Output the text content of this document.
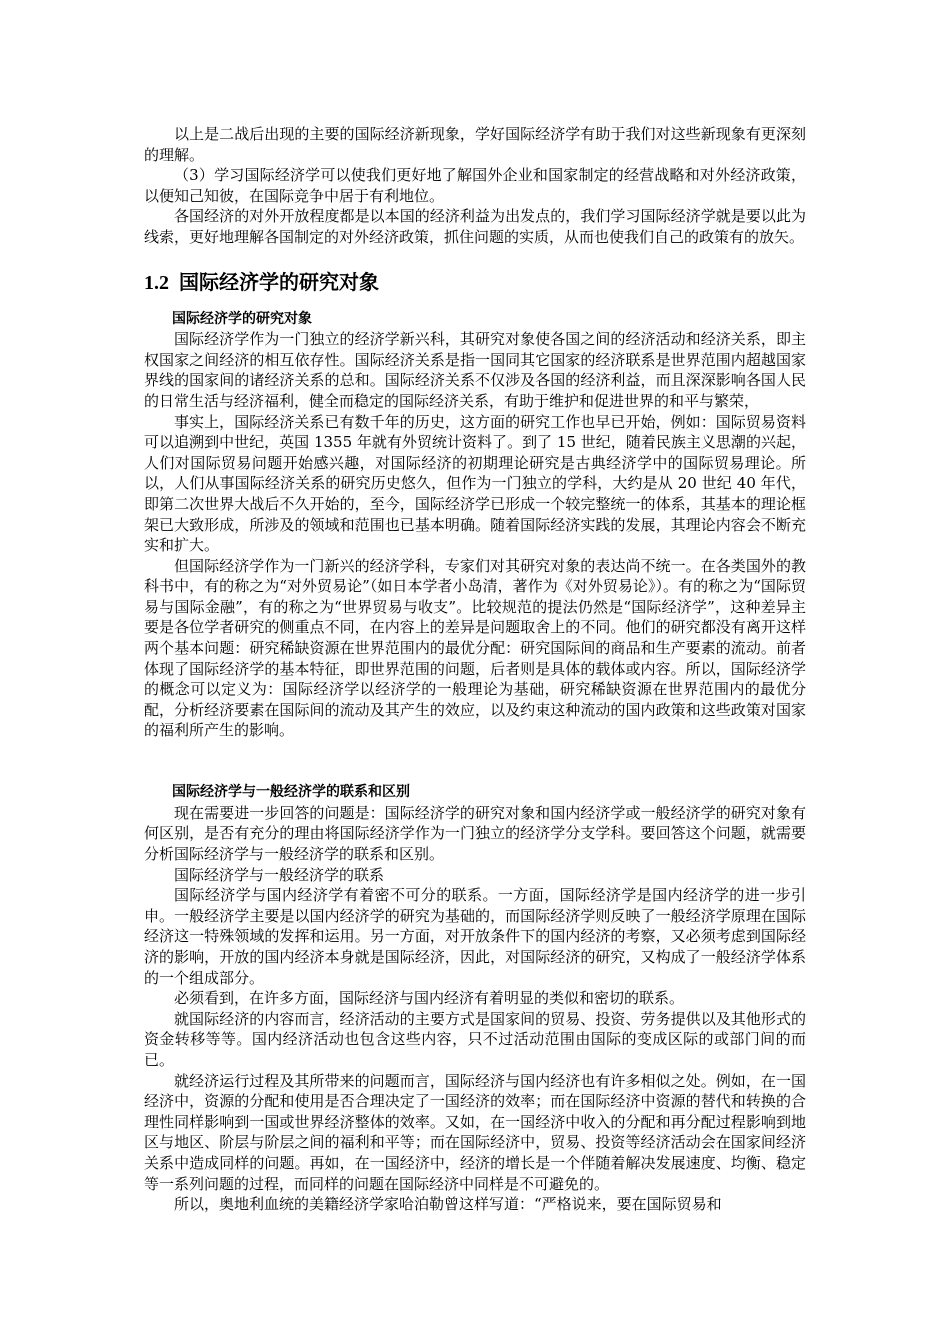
以上是二战后出现的主要的国际经济新现象，学好国际经济学有助于我们对这些新现象有更深刻的理解。

（3）学习国际经济学可以使我们更好地了解国外企业和国家制定的经营战略和对外经济政策，以便知己知彼，在国际竞争中居于有利地位。

各国经济的对外开放程度都是以本国的经济利益为出发点的，我们学习国际经济学就是要以此为线索，更好地理解各国制定的对外经济政策，抓住问题的实质，从而也使我们自己的政策有的放矢。

1.2 国际经济学的研究对象

国际经济学的研究对象

国际经济学作为一门独立的经济学新兴科，其研究对象使各国之间的经济活动和经济关系，即主权国家之间经济的相互依存性。国际经济关系是指一国同其它国家的经济联系是世界范围内超越国家界线的国家间的诸经济关系的总和。国际经济关系不仅涉及各国的经济利益，而且深深影响各国人民的日常生活与经济福利，健全而稳定的国际经济关系，有助于维护和促进世界的和平与繁荣，

事实上，国际经济关系已有数千年的历史，这方面的研究工作也早已开始，例如：国际贸易资料可以追溯到中世纪，英国 1355 年就有外贸统计资料了。到了 15 世纪，随着民族主义思潮的兴起，人们对国际贸易问题开始感兴趣，对国际经济的初期理论研究是古典经济学中的国际贸易理论。所以，人们从事国际经济关系的研究历史悠久，但作为一门独立的学科，大约是从 20 世纪 40 年代，即第二次世界大战后不久开始的，至今，国际经济学已形成一个较完整统一的体系，其基本的理论框架已大致形成，所涉及的领域和范围也已基本明确。随着国际经济实践的发展，其理论内容会不断充实和扩大。

但国际经济学作为一门新兴的经济学科，专家们对其研究对象的表达尚不统一。在各类国外的教科书中，有的称之为“对外贸易论”（如日本学者小岛清，著作为《对外贸易论》）。有的称之为“国际贸易与国际金融”，有的称之为“世界贸易与收支”。比较规范的提法仍然是“国际经济学”，这种差异主要是各位学者研究的侧重点不同，在内容上的差异是问题取舍上的不同。他们的研究都没有离开这样两个基本问题：研究稀缺资源在世界范围内的最优分配：研究国际间的商品和生产要素的流动。前者体现了国际经济学的基本特征，即世界范围的问题，后者则是具体的载体或内容。所以，国际经济学的概念可以定义为：国际经济学以经济学的一般理论为基础，研究稀缺资源在世界范围内的最优分配，分析经济要素在国际间的流动及其产生的效应，以及约束这种流动的国内政策和这些政策对国家的福利所产生的影响。

国际经济学与一般经济学的联系和区别

现在需要进一步回答的问题是：国际经济学的研究对象和国内经济学或一般经济学的研究对象有何区别，是否有充分的理由将国际经济学作为一门独立的经济学分支学科。要回答这个问题，就需要分析国际经济学与一般经济学的联系和区别。

国际经济学与一般经济学的联系

国际经济学与国内经济学有着密不可分的联系。一方面，国际经济学是国内经济学的进一步引申。一般经济学主要是以国内经济学的研究为基础的，而国际经济学则反映了一般经济学原理在国际经济这一特殊领域的发挥和运用。另一方面，对开放条件下的国内经济的考察，又必须考虑到国际经济的影响，开放的国内经济本身就是国际经济，因此，对国际经济的研究，又构成了一般经济学体系的一个组成部分。

必须看到，在许多方面，国际经济与国内经济有着明显的类似和密切的联系。

就国际经济的内容而言，经济活动的主要方式是国家间的贸易、投资、劳务提供以及其他形式的资金转移等等。国内经济活动也包含这些内容，只不过活动范围由国际的变成区际的或部门间的而已。

就经济运行过程及其所带来的问题而言，国际经济与国内经济也有许多相似之处。例如，在一国经济中，资源的分配和使用是否合理决定了一国经济的效率；而在国际经济中资源的替代和转换的合理性同样影响到一国或世界经济整体的效率。又如，在一国经济中收入的分配和再分配过程影响到地区与地区、阶层与阶层之间的福利和平等；而在国际经济中，贸易、投资等经济活动会在国家间经济关系中造成同样的问题。再如，在一国经济中，经济的增长是一个伴随着解决发展速度、均衡、稳定等一系列问题的过程，而同样的问题在国际经济中同样是不可避免的。

所以，奥地利血统的美籍经济学家哈泊勒曾这样写道：“严格说来，要在国际贸易和
